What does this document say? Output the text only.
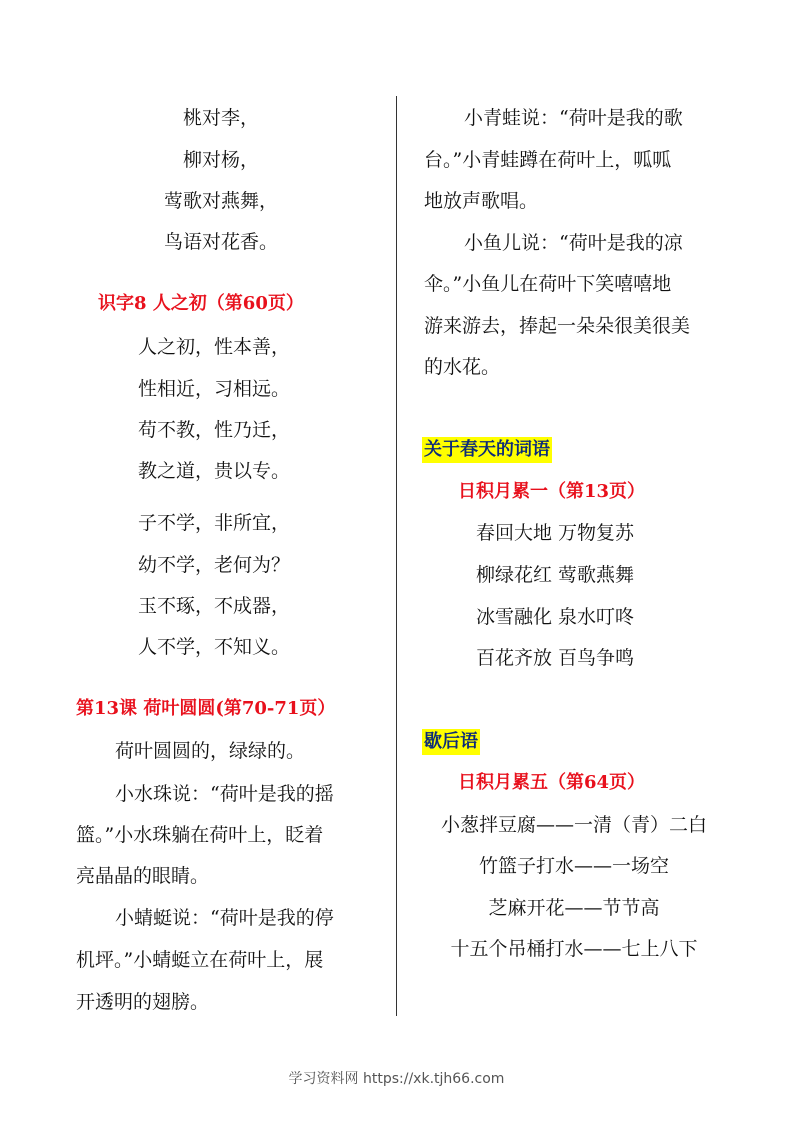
桃对李，
柳对杨，
莺歌对燕舞，
鸟语对花香。
识字8 人之初（第60页）
人之初，性本善，
性相近，习相远。
苟不教，性乃迁，
教之道，贵以专。
子不学，非所宜，
幼不学，老何为？
玉不琢，不成器，
人不学，不知义。
第13课 荷叶圆圆(第70-71页）
荷叶圆圆的，绿绿的。
小水珠说：“荷叶是我的摇
篮。”小水珠躺在荷叶上，眨着
亮晶晶的眼睛。
小蜻蜓说：“荷叶是我的停
机坪。”小蜻蜓立在荷叶上，展
开透明的翅膀。
小青蛙说：“荷叶是我的歌
台。”小青蛙蹲在荷叶上，呱呱
地放声歌唱。
小鱼儿说：“荷叶是我的凉
伞。”小鱼儿在荷叶下笑嘻嘻地
游来游去，捧起一朵朵很美很美
的水花。
关于春天的词语
日积月累一（第13页）
春回大地 万物复苏
柳绿花红 莺歌燕舞
冰雪融化 泉水叮咚
百花齐放 百鸟争鸣
歇后语
日积月累五（第64页）
小葱拌豆腐——一清（青）二白
竹篮子打水——一场空
芝麻开花——节节高
十五个吊桶打水——七上八下
学习资料网 https://xk.tjh66.com
